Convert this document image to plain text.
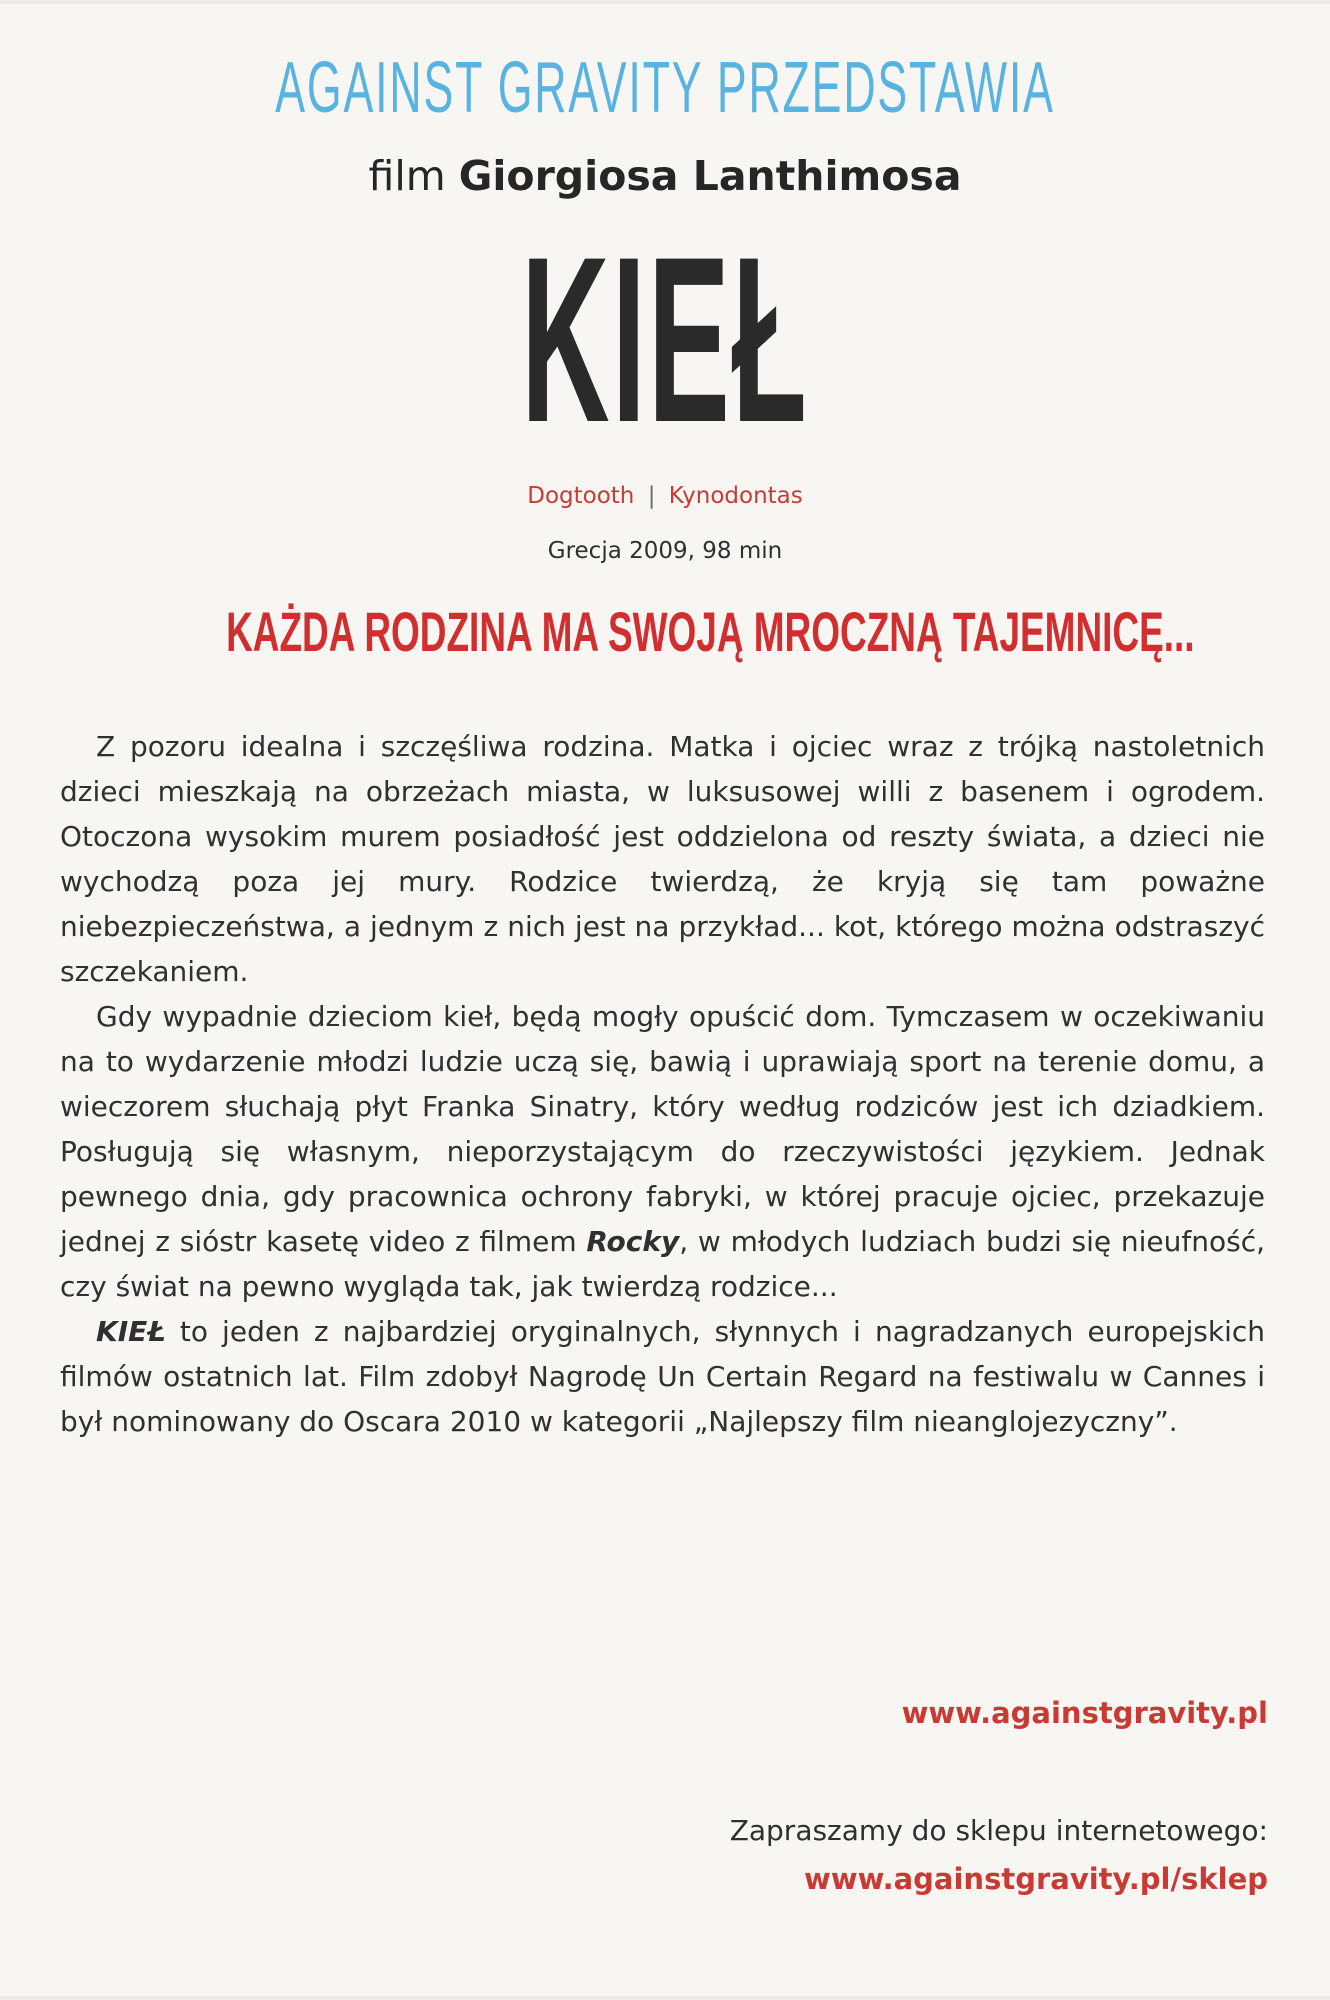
AGAINST GRAVITY PRZEDSTAWIA
film Giorgiosa Lanthimosa
KIEŁ
Dogtooth | Kynodontas
Grecja 2009, 98 min
KAŻDA RODZINA MA SWOJĄ MROCZNĄ TAJEMNICĘ...

Z pozoru idealna i szczęśliwa rodzina. Matka i ojciec wraz z trójką nastoletnich dzieci mieszkają na obrzeżach miasta, w luksusowej willi z basenem i ogrodem. Otoczona wysokim murem posiadłość jest oddzielona od reszty świata, a dzieci nie wychodzą poza jej mury. Rodzice twierdzą, że kryją się tam poważne niebezpieczeństwa, a jednym z nich jest na przykład... kot, którego można odstraszyć szczekaniem.

Gdy wypadnie dzieciom kieł, będą mogły opuścić dom. Tymczasem w oczekiwaniu na to wydarzenie młodzi ludzie uczą się, bawią i uprawiają sport na terenie domu, a wieczorem słuchają płyt Franka Sinatry, który według rodziców jest ich dziadkiem. Posługują się własnym, nieporzystającym do rzeczywistości językiem. Jednak pewnego dnia, gdy pracownica ochrony fabryki, w której pracuje ojciec, przekazuje jednej z sióstr kasetę video z filmem Rocky, w młodych ludziach budzi się nieufność, czy świat na pewno wygląda tak, jak twierdzą rodzice...

KIEŁ to jeden z najbardziej oryginalnych, słynnych i nagradzanych europejskich filmów ostatnich lat. Film zdobył Nagrodę Un Certain Regard na festiwalu w Cannes i był nominowany do Oscara 2010 w kategorii „Najlepszy film nieanglojezyczny”.

www.againstgravity.pl
Zapraszamy do sklepu internetowego:
www.againstgravity.pl/sklep
